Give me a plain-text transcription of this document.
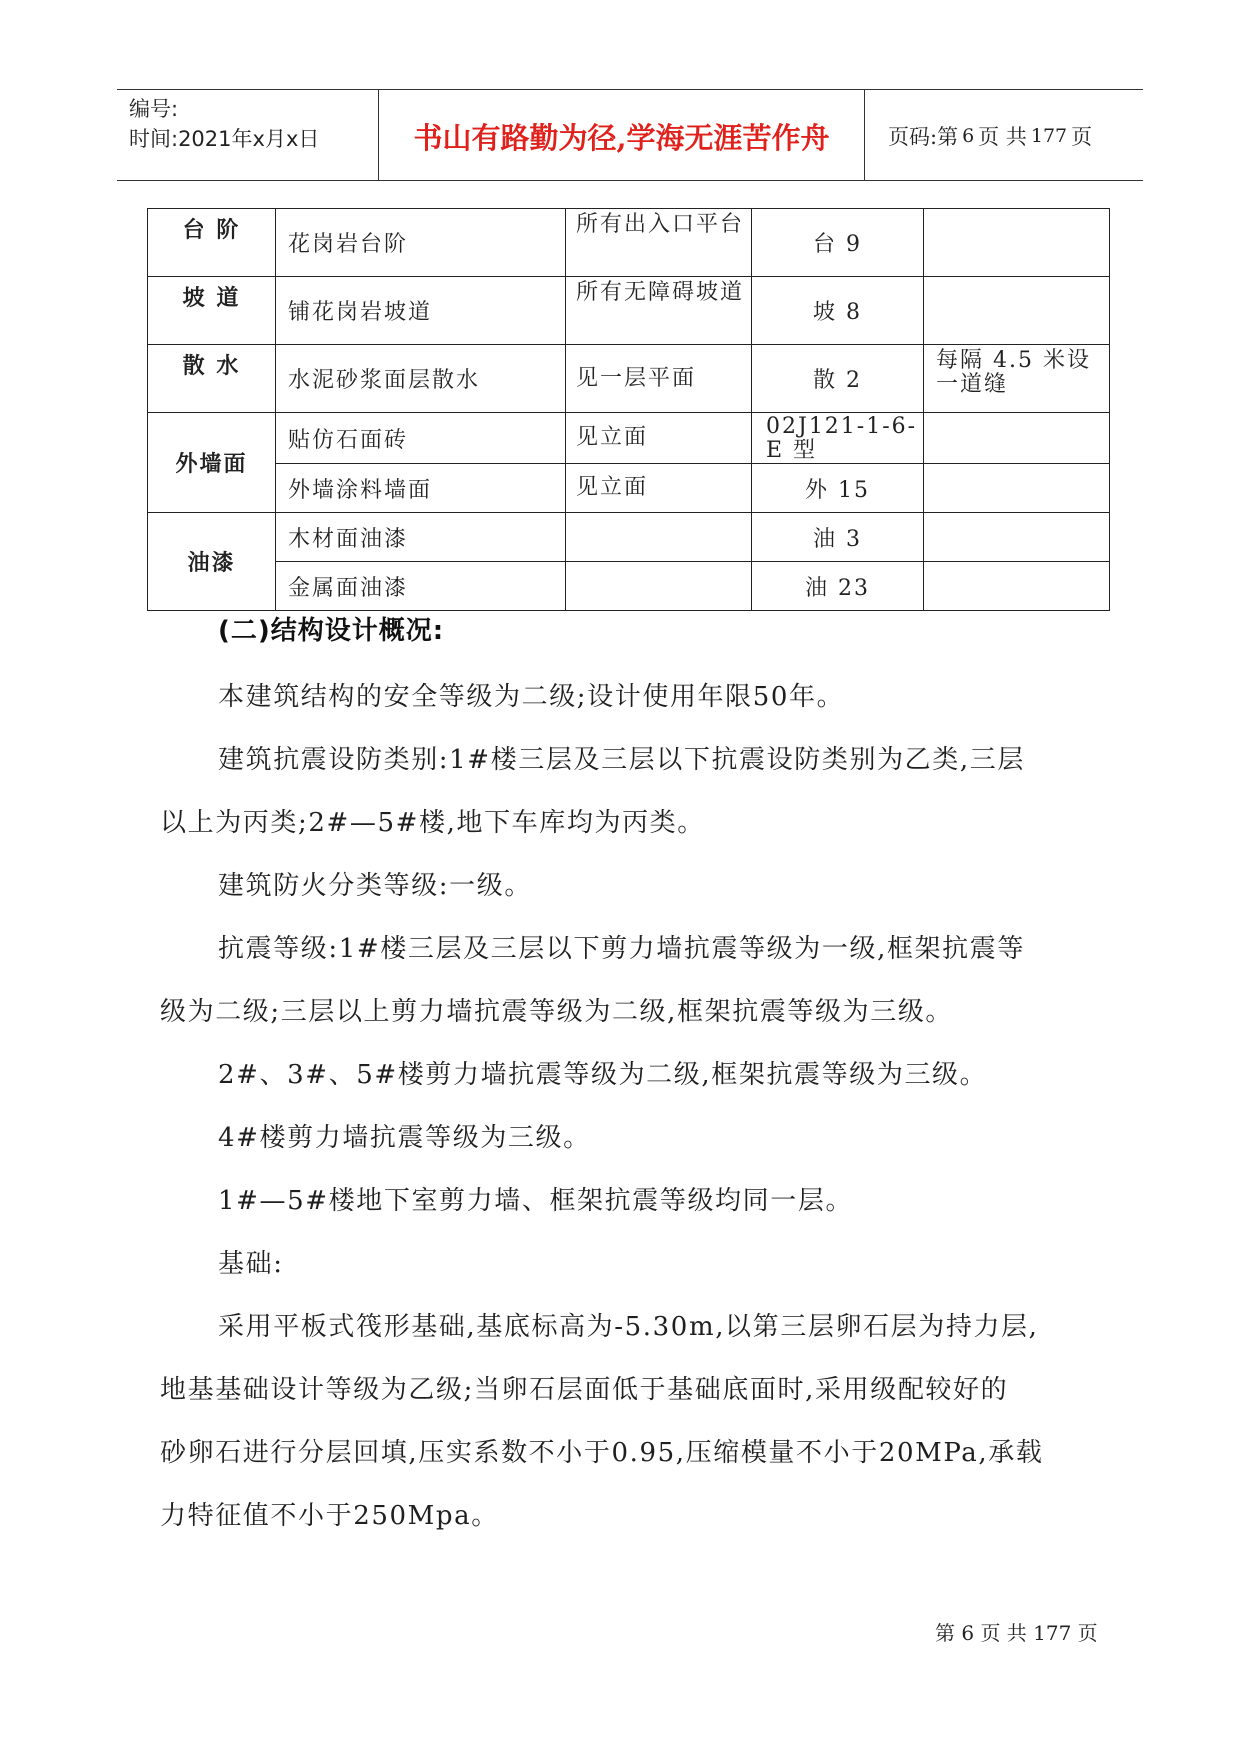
编号:
时间:2021年x月x日	书山有路勤为径,学海无涯苦作舟	页码:第 6 页 共 177 页
台 阶	花岗岩台阶	所有出入口平台	台 9	
坡 道	铺花岗岩坡道	所有无障碍坡道	坡 8	
散 水	水泥砂浆面层散水	见一层平面	散 2	每隔 4.5 米设一道缝
外墙面	贴仿石面砖	见立面	02J121-1-6-E 型	
	外墙涂料墙面	见立面	外 15	
油漆	木材面油漆		油 3	
	金属面油漆		油 23	
(二)结构设计概况:

本建筑结构的安全等级为二级;设计使用年限50年。

建筑抗震设防类别:1#楼三层及三层以下抗震设防类别为乙类,三层

以上为丙类;2#—5#楼,地下车库均为丙类。

建筑防火分类等级:一级。

抗震等级:1#楼三层及三层以下剪力墙抗震等级为一级,框架抗震等

级为二级;三层以上剪力墙抗震等级为二级,框架抗震等级为三级。

2#、3#、5#楼剪力墙抗震等级为二级,框架抗震等级为三级。

4#楼剪力墙抗震等级为三级。

1#—5#楼地下室剪力墙、框架抗震等级均同一层。

基础:

采用平板式筏形基础,基底标高为-5.30m,以第三层卵石层为持力层,

地基基础设计等级为乙级;当卵石层面低于基础底面时,采用级配较好的

砂卵石进行分层回填,压实系数不小于0.95,压缩模量不小于20MPa,承载

力特征值不小于250Mpa。

第 6 页 共 177 页
